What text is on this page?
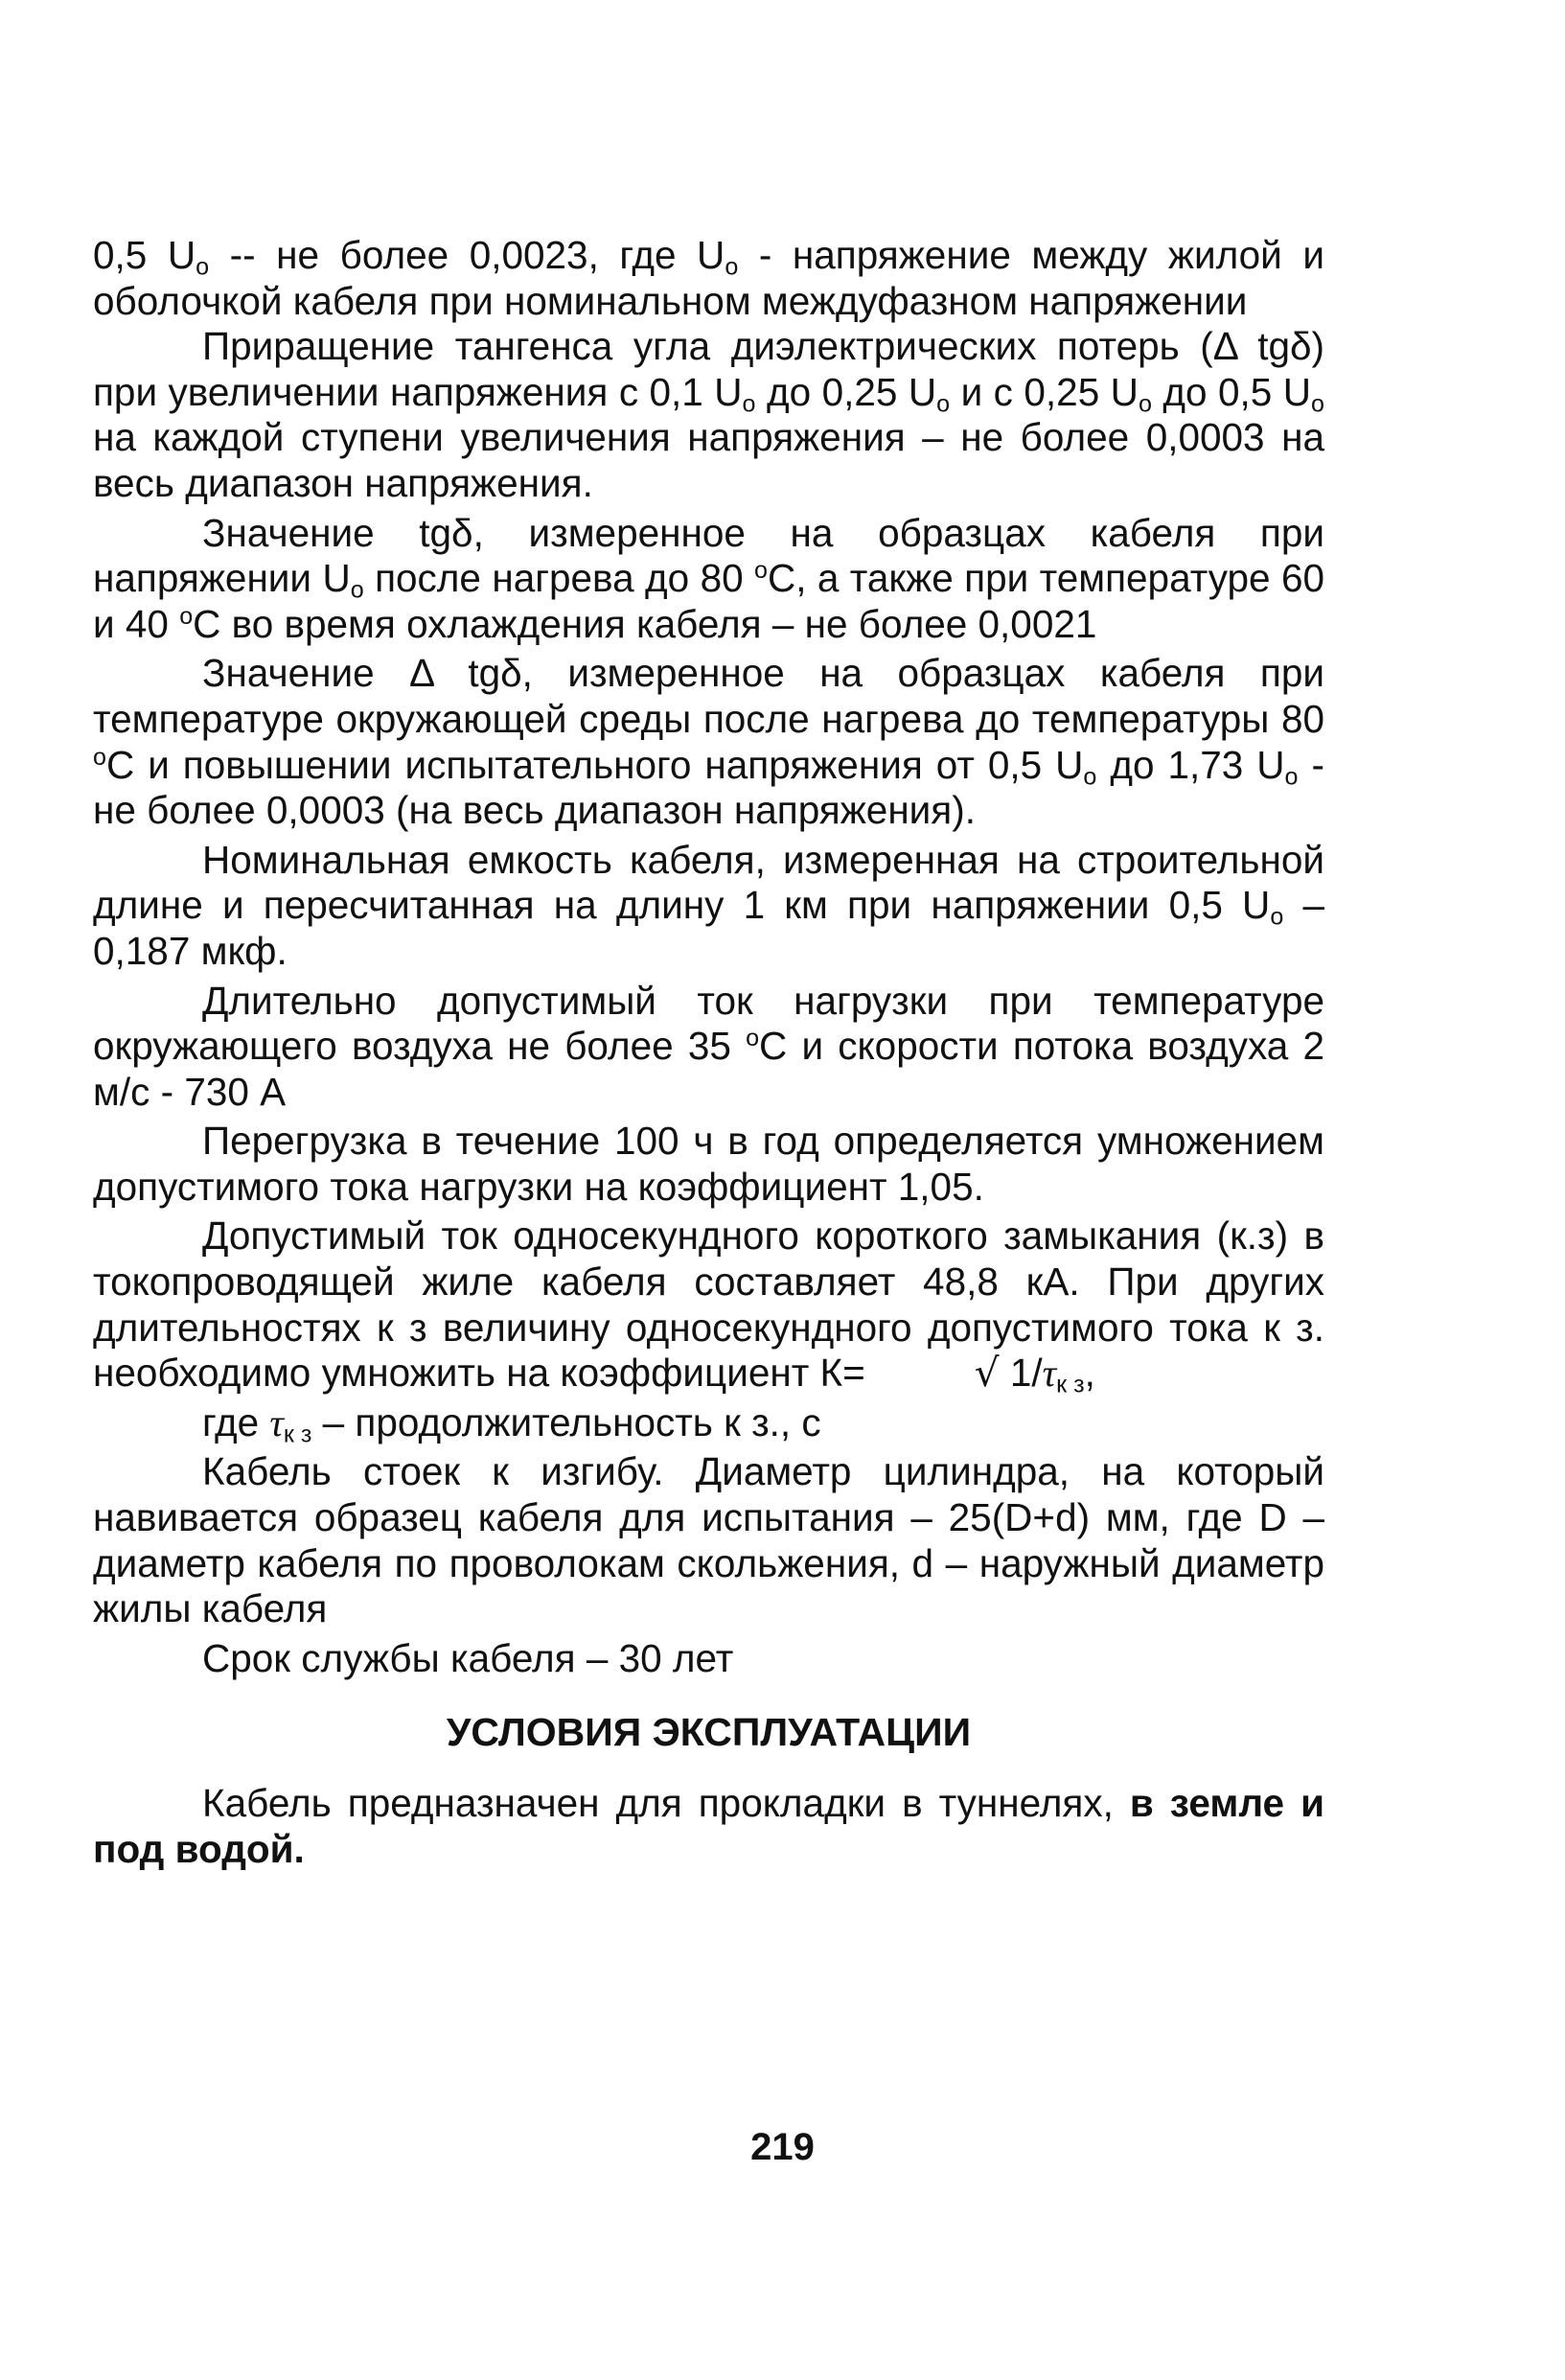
0,5 $U_o$ -- не более 0,0023, где $U_o$ - напряжение между жилой и оболочкой кабеля при номинальном междуфазном напряжении

Приращение тангенса угла диэлектрических потерь (Δ tgδ) при увеличении напряжения с 0,1 $U_o$ до 0,25 $U_o$ и с 0,25 $U_o$ до 0,5 $U_o$ на каждой ступени увеличения напряжения – не более 0,0003 на весь диапазон напряжения.

Значение tgδ, измеренное на образцах кабеля при напряжении $U_o$ после нагрева до 80 $^o$С, а также при температуре 60 и 40 $^o$С во время охлаждения кабеля – не более 0,0021

Значение Δ tgδ, измеренное на образцах кабеля при температуре окружающей среды после нагрева до температуры 80 $^o$С и повышении испытательного напряжения от 0,5 $U_o$ до 1,73 $U_o$ - не более 0,0003 (на весь диапазон напряжения).

Номинальная емкость кабеля, измеренная на строительной длине и пересчитанная на длину 1 км при напряжении 0,5 $U_o - 0,187$ мкф.

Длительно допустимый ток нагрузки при температуре окружающего воздуха не более 35 $^o$С и скорости потока воздуха 2 м/с - 730 А

Перегрузка в течение 100 ч в год определяется умножением допустимого тока нагрузки на коэффициент 1,05.

Допустимый ток односекундного короткого замыкания (к.з) в токопроводящей жиле кабеля составляет 48,8 кА. При других длительностях к з величину односекундного допустимого тока к з. необходимо умножить на коэффициент К=	√ $1/\tau_{к з}$,

где $\tau_{к з}$ – продолжительность к з., с

Кабель стоек к изгибу. Диаметр цилиндра, на который навивается образец кабеля для испытания – 25(D+d) мм, где D – диаметр кабеля по проволокам скольжения, d – наружный диаметр жилы кабеля

Срок службы кабеля – 30 лет

УСЛОВИЯ ЭКСПЛУАТАЦИИ

Кабель предназначен для прокладки в туннелях, в земле и под водой.

219
